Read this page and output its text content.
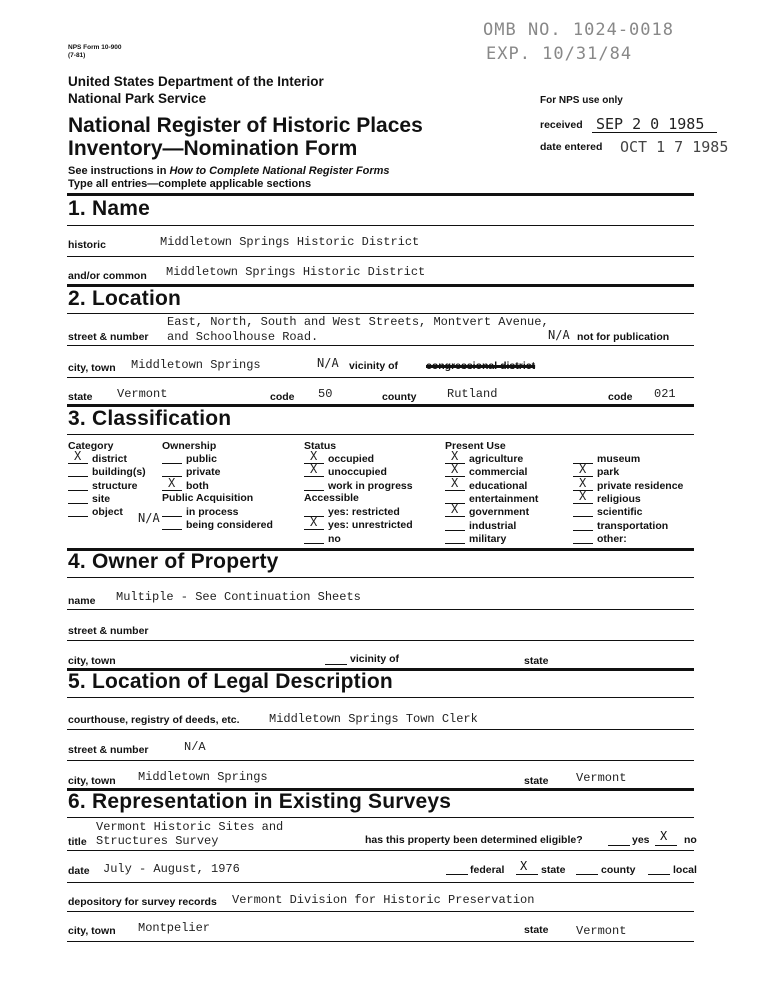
NPS Form 10-900
(7-81)
OMB NO. 1024-0018
EXP. 10/31/84
United States Department of the Interior
National Park Service
National Register of Historic Places
Inventory—Nomination Form
See instructions in How to Complete National Register Forms
Type all entries—complete applicable sections
For NPS use only
received SEP 2 0 1985
date entered OCT 1 7 1985
1. Name
historic	Middletown Springs Historic District
and/or common Middletown Springs Historic District
2. Location
street & number
East, North, South and West Streets, Montvert Avenue,
and Schoolhouse Road.	N/A not for publication
city, town Middletown Springs	N/A vicinity of	congressional district
state Vermont	code 50	county	Rutland	code 021
3. Classification
Category
X district
building(s)
structure
site
object
Ownership
public
private
X both
Public Acquisition
N/A	in process
being considered
Status
X occupied
X unoccupied
work in progress
Accessible
yes: restricted
X yes: unrestricted
no
Present Use
X agriculture
X commercial
X educational
entertainment
X government
industrial
military
museum
X park
X private residence
X religious
scientific
transportation
other:
4. Owner of Property
name Multiple - See Continuation Sheets
street & number
city, town	vicinity of	state
5. Location of Legal Description
courthouse, registry of deeds, etc. Middletown Springs Town Clerk
street & number	N/A
city, town Middletown Springs	state Vermont
6. Representation in Existing Surveys
Vermont Historic Sites and
title Structures Survey	has this property been determined eligible?	yes X no
date July - August, 1976	federal X state	county	local
depository for survey records Vermont Division for Historic Preservation
city, town Montpelier	state Vermont
